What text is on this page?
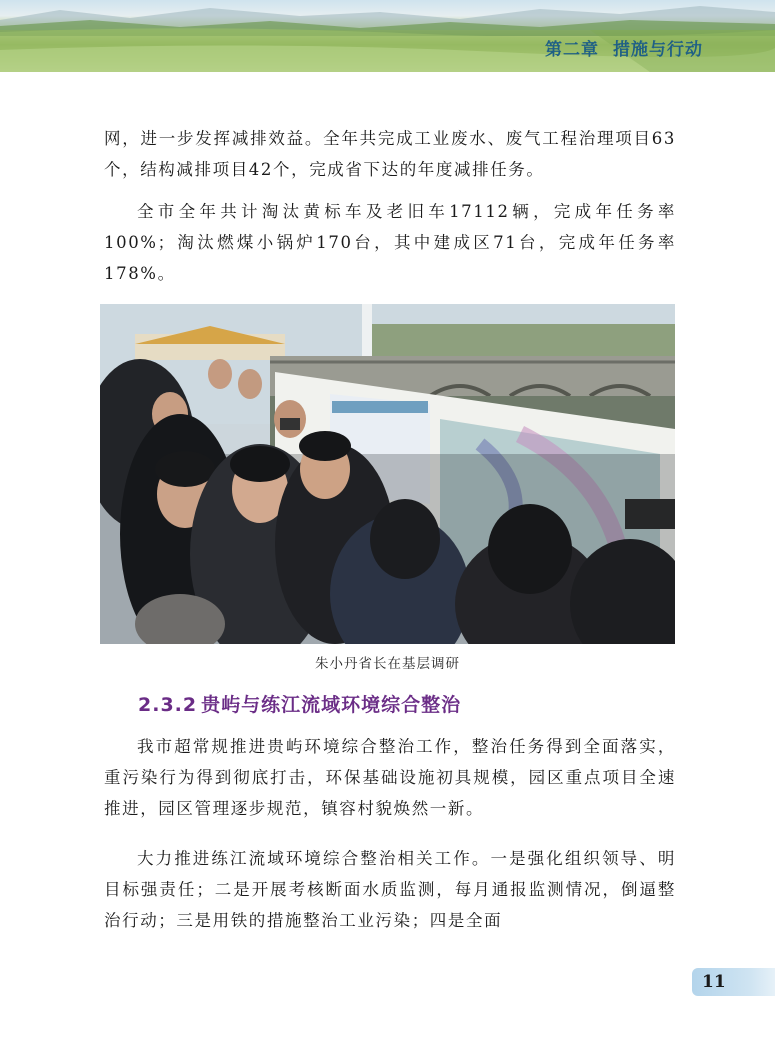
第二章 措施与行动

网，进一步发挥减排效益。全年共完成工业废水、废气工程治理项目63个，结构减排项目42个，完成省下达的年度减排任务。

全市全年共计淘汰黄标车及老旧车17112辆，完成年任务率100%；淘汰燃煤小锅炉170台，其中建成区71台，完成年任务率178%。

朱小丹省长在基层调研
2.3.2 贵屿与练江流域环境综合整治

我市超常规推进贵屿环境综合整治工作，整治任务得到全面落实，重污染行为得到彻底打击，环保基础设施初具规模，园区重点项目全速推进，园区管理逐步规范，镇容村貌焕然一新。

大力推进练江流域环境综合整治相关工作。一是强化组织领导、明目标强责任；二是开展考核断面水质监测，每月通报监测情况，倒逼整治行动；三是用铁的措施整治工业污染；四是全面

11
